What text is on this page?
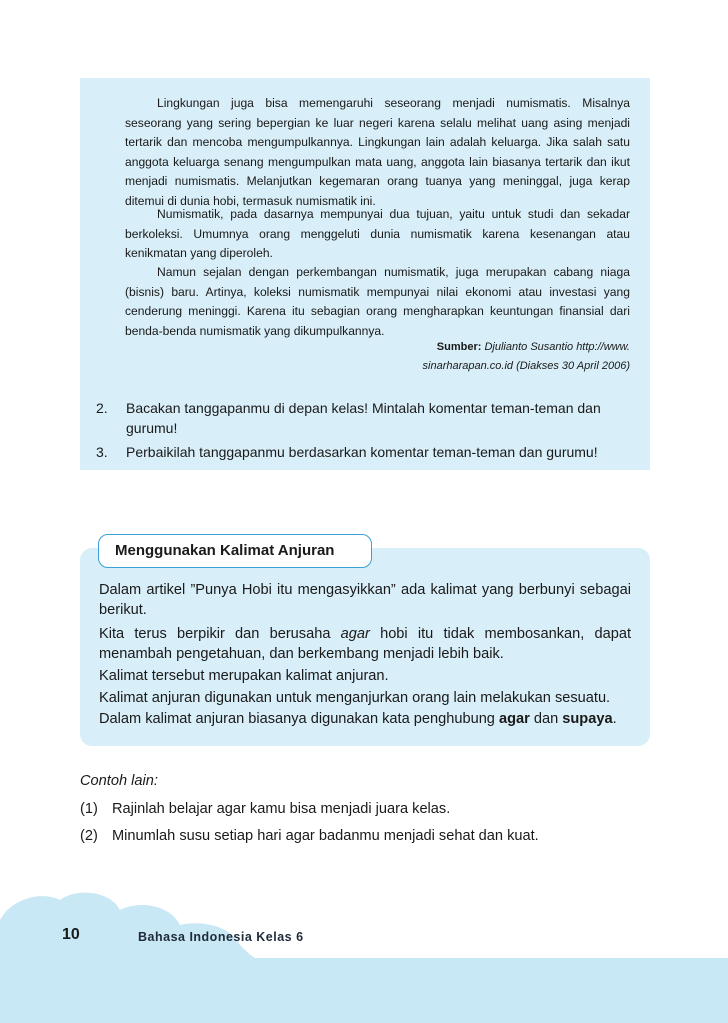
Lingkungan juga bisa memengaruhi seseorang menjadi numismatis. Misalnya seseorang yang sering bepergian ke luar negeri karena selalu melihat uang asing menjadi tertarik dan mencoba mengumpulkannya. Lingkungan lain adalah keluarga. Jika salah satu anggota keluarga senang mengumpulkan mata uang, anggota lain biasanya tertarik dan ikut menjadi numismatis. Melanjutkan kegemaran orang tuanya yang meninggal, juga kerap ditemui di dunia hobi, termasuk numismatik ini.

Numismatik, pada dasarnya mempunyai dua tujuan, yaitu untuk studi dan sekadar berkoleksi. Umumnya orang menggeluti dunia numismatik karena kesenangan atau kenikmatan yang diperoleh.

Namun sejalan dengan perkembangan numismatik, juga merupakan cabang niaga (bisnis) baru. Artinya, koleksi numismatik mempunyai nilai ekonomi atau investasi yang cenderung meninggi. Karena itu sebagian orang mengharapkan keuntungan finansial dari benda-benda numismatik yang dikumpulkannya.

Sumber: Djulianto Susantio http://www.
sinarharapan.co.id (Diakses 30 April 2006)
2. Bacakan tanggapanmu di depan kelas! Mintalah komentar teman-teman dan gurumu!
3. Perbaikilah tanggapanmu berdasarkan komentar teman-teman dan gurumu!
Menggunakan Kalimat Anjuran
Dalam artikel ”Punya Hobi itu mengasyikkan” ada kalimat yang berbunyi sebagai berikut.
Kita terus berpikir dan berusaha agar hobi itu tidak membosankan, dapat menambah pengetahuan, dan berkembang menjadi lebih baik.
Kalimat tersebut merupakan kalimat anjuran.
Kalimat anjuran digunakan untuk menganjurkan orang lain melakukan sesuatu.
Dalam kalimat anjuran biasanya digunakan kata penghubung agar dan supaya.
Contoh lain:
(1) Rajinlah belajar agar kamu bisa menjadi juara kelas.
(2) Minumlah susu setiap hari agar badanmu menjadi sehat dan kuat.
10	Bahasa Indonesia Kelas 6
